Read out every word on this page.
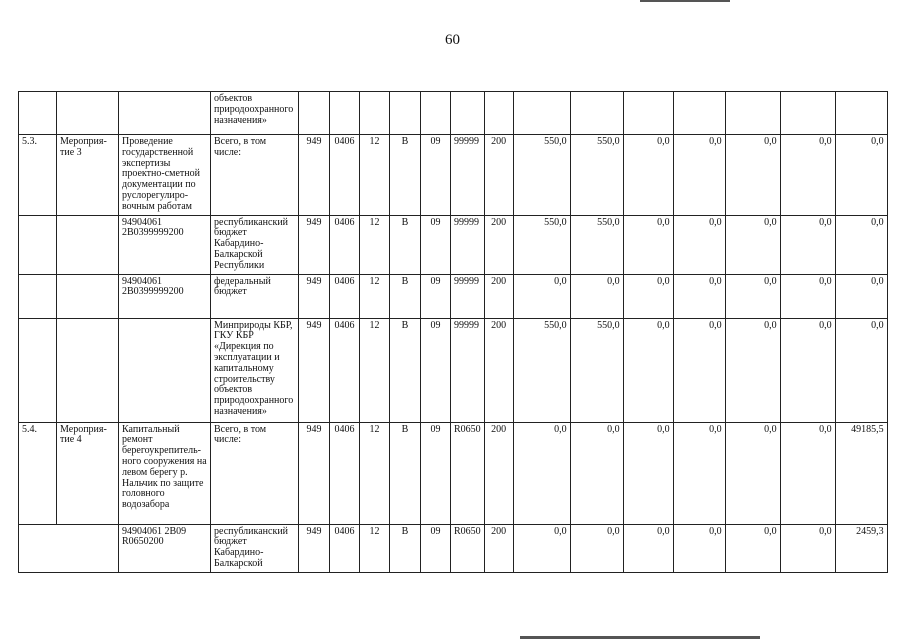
60
			объектов природоохранного назначения»														
5.3.	Мероприя- тие 3	Проведение государственной экспертизы проектно-сметной документации по руслорегулиро- вочным работам	Всего, в том числе:	949	0406	12	В	09	99999	200	550,0	550,0	0,0	0,0	0,0	0,0	0,0
		94904061 2В0399999200	республиканский бюджет Кабардино- Балкарской Республики	949	0406	12	В	09	99999	200	550,0	550,0	0,0	0,0	0,0	0,0	0,0
		94904061 2В0399999200	федеральный бюджет	949	0406	12	В	09	99999	200	0,0	0,0	0,0	0,0	0,0	0,0	0,0
			Минприроды КБР, ГКУ КБР «Дирекция по эксплуатации и капитальному строительству объектов природоохранного назначения»	949	0406	12	В	09	99999	200	550,0	550,0	0,0	0,0	0,0	0,0	0,0
5.4.	Мероприя- тие 4	Капитальный ремонт берегоукрепитель- ного сооружения на левом берегу р. Нальчик по защите головного водозабора	Всего, в том числе:	949	0406	12	В	09	R0650	200	0,0	0,0	0,0	0,0	0,0	0,0	49185,5
		94904061 2В09 R0650200	республиканский бюджет Кабардино- Балкарской	949	0406	12	В	09	R0650	200	0,0	0,0	0,0	0,0	0,0	0,0	2459,3
